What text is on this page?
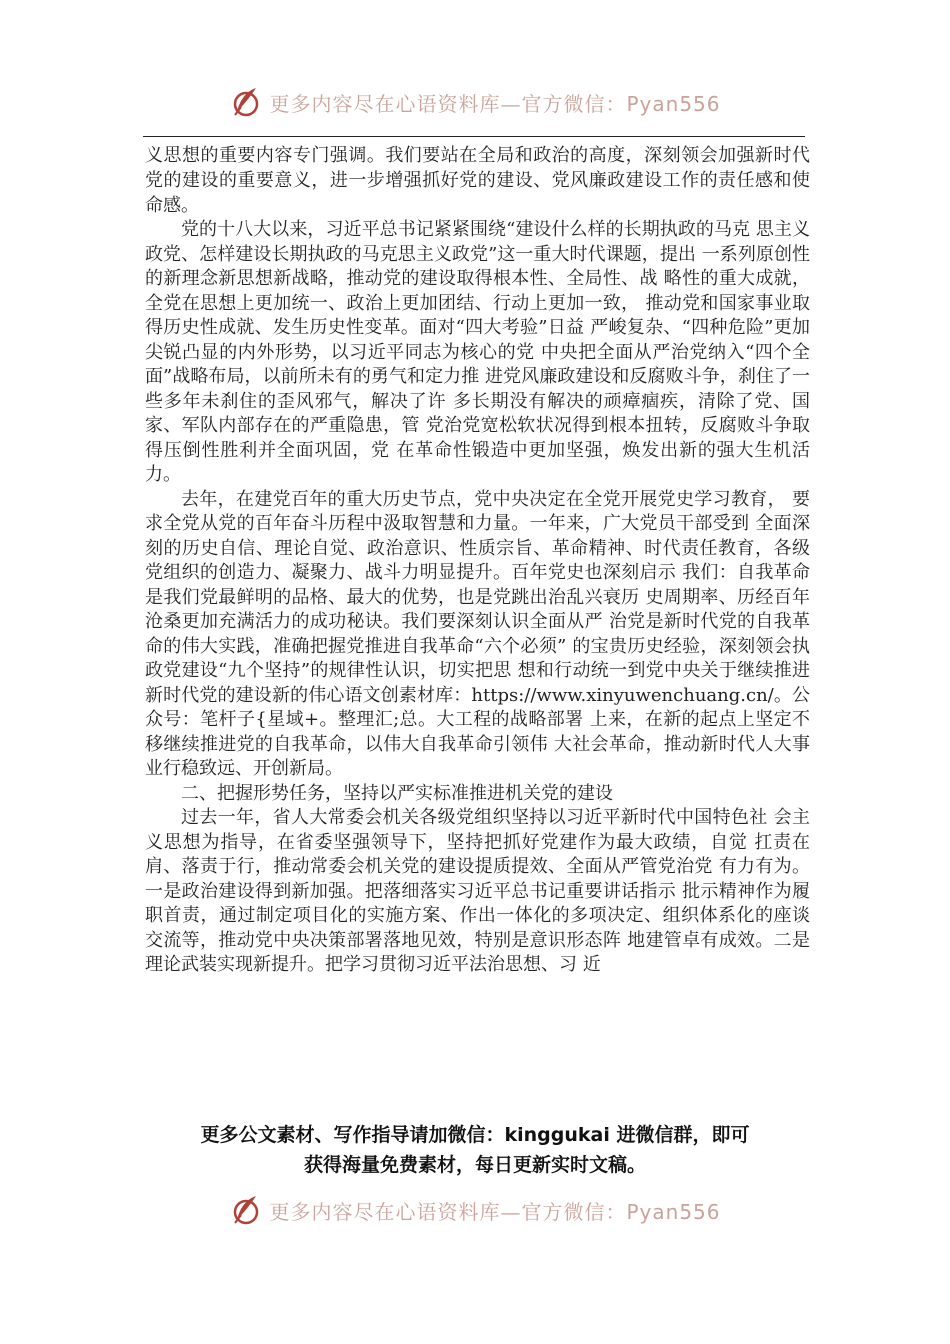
更多内容尽在心语资料库—官方微信：Pyan556

义思想的重要内容专门强调。我们要站在全局和政治的高度，深刻领会加强新时代党的建设的重要意义，进一步增强抓好党的建设、党风廉政建设工作的责任感和使命感。

党的十八大以来，习近平总书记紧紧围绕“建设什么样的长期执政的马克 思主义政党、怎样建设长期执政的马克思主义政党”这一重大时代课题，提出 一系列原创性的新理念新思想新战略，推动党的建设取得根本性、全局性、战 略性的重大成就，全党在思想上更加统一、政治上更加团结、行动上更加一致， 推动党和国家事业取得历史性成就、发生历史性变革。面对“四大考验”日益 严峻复杂、“四种危险”更加尖锐凸显的内外形势，以习近平同志为核心的党 中央把全面从严治党纳入“四个全面”战略布局，以前所未有的勇气和定力推 进党风廉政建设和反腐败斗争，刹住了一些多年未刹住的歪风邪气，解决了许 多长期没有解决的顽瘴痼疾，清除了党、国家、军队内部存在的严重隐患，管 党治党宽松软状况得到根本扭转，反腐败斗争取得压倒性胜利并全面巩固，党 在革命性锻造中更加坚强，焕发出新的强大生机活力。

去年，在建党百年的重大历史节点，党中央决定在全党开展党史学习教育， 要求全党从党的百年奋斗历程中汲取智慧和力量。一年来，广大党员干部受到 全面深刻的历史自信、理论自觉、政治意识、性质宗旨、革命精神、时代责任教育，各级党组织的创造力、凝聚力、战斗力明显提升。百年党史也深刻启示 我们：自我革命是我们党最鲜明的品格、最大的优势，也是党跳出治乱兴衰历 史周期率、历经百年沧桑更加充满活力的成功秘诀。我们要深刻认识全面从严 治党是新时代党的自我革命的伟大实践，准确把握党推进自我革命“六个必须” 的宝贵历史经验，深刻领会执政党建设“九个坚持”的规律性认识，切实把思 想和行动统一到党中央关于继续推进新时代党的建设新的伟心语文创素材库：https://www.xinyuwenchuang.cn/。公众号：笔杆子{星域+。整理汇;总。大工程的战略部署 上来，在新的起点上坚定不移继续推进党的自我革命，以伟大自我革命引领伟 大社会革命，推动新时代人大事业行稳致远、开创新局。

二、把握形势任务，坚持以严实标准推进机关党的建设

过去一年，省人大常委会机关各级党组织坚持以习近平新时代中国特色社 会主义思想为指导，在省委坚强领导下，坚持把抓好党建作为最大政绩，自觉 扛责在肩、落责于行，推动常委会机关党的建设提质提效、全面从严管党治党 有力有为。一是政治建设得到新加强。把落细落实习近平总书记重要讲话指示 批示精神作为履职首责，通过制定项目化的实施方案、作出一体化的多项决定、组织体系化的座谈交流等，推动党中央决策部署落地见效，特别是意识形态阵 地建管卓有成效。二是理论武装实现新提升。把学习贯彻习近平法治思想、习 近

更多公文素材、写作指导请加微信：kinggukai 进微信群，即可
获得海量免费素材，每日更新实时文稿。
更多内容尽在心语资料库—官方微信：Pyan556
